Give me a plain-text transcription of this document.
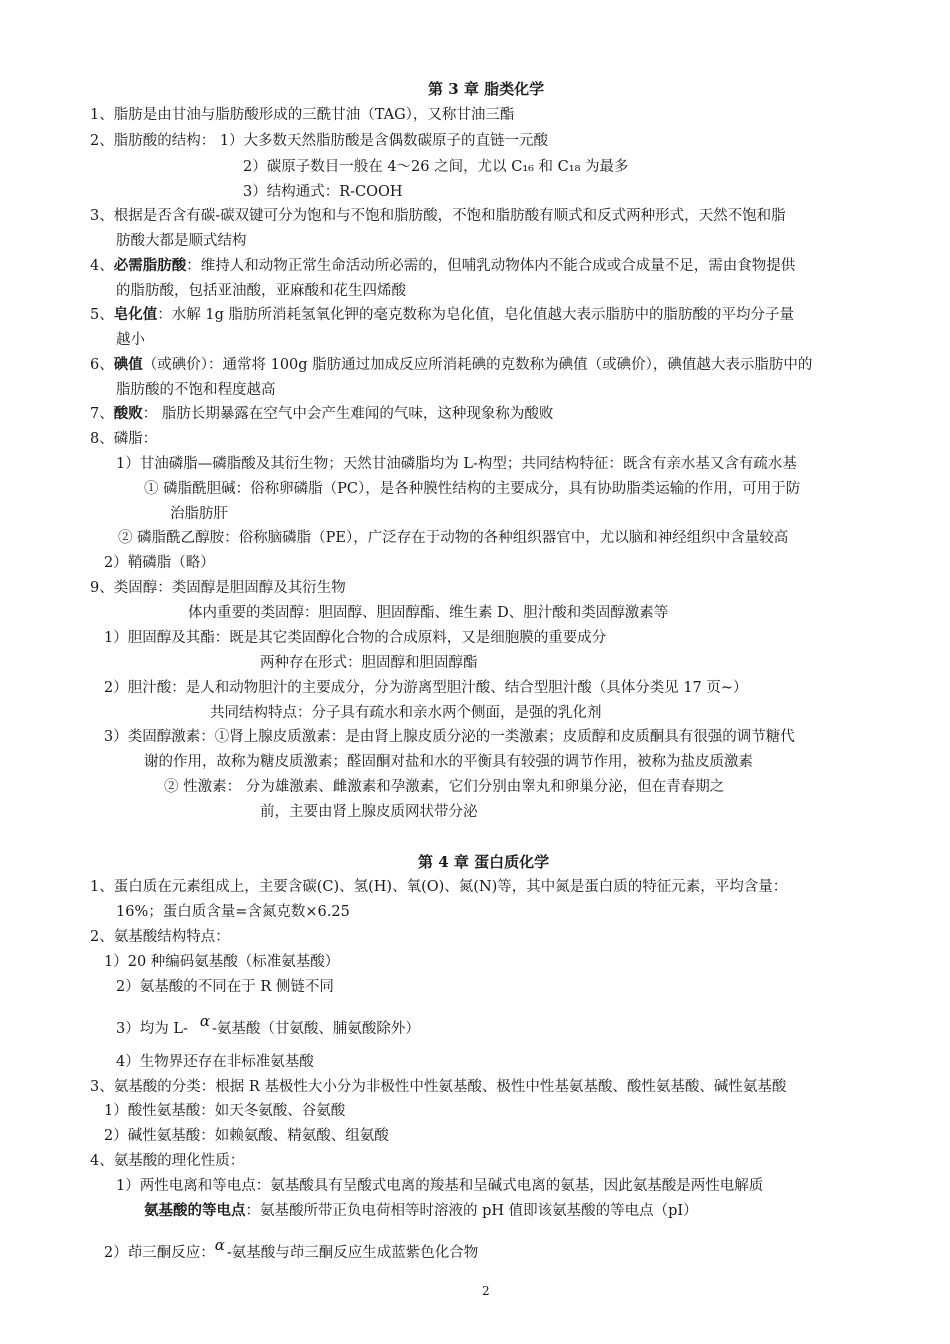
第 3 章 脂类化学
1、脂肪是由甘油与脂肪酸形成的三酰甘油（TAG），又称甘油三酯
2、脂肪酸的结构： 1）大多数天然脂肪酸是含偶数碳原子的直链一元酸
2）碳原子数目一般在 4～26 之间，尤以 C₁₆ 和 C₁₈ 为最多
3）结构通式：R-COOH
3、根据是否含有碳-碳双键可分为饱和与不饱和脂肪酸，不饱和脂肪酸有顺式和反式两种形式，天然不饱和脂
肪酸大都是顺式结构
4、必需脂肪酸：维持人和动物正常生命活动所必需的，但哺乳动物体内不能合成或合成量不足，需由食物提供
的脂肪酸，包括亚油酸，亚麻酸和花生四烯酸
5、皂化值：水解 1g 脂肪所消耗氢氧化钾的毫克数称为皂化值，皂化值越大表示脂肪中的脂肪酸的平均分子量
越小
6、碘值（或碘价）：通常将 100g 脂肪通过加成反应所消耗碘的克数称为碘值（或碘价），碘值越大表示脂肪中的
脂肪酸的不饱和程度越高
7、酸败： 脂肪长期暴露在空气中会产生难闻的气味，这种现象称为酸败
8、磷脂：
1）甘油磷脂—磷脂酸及其衍生物；天然甘油磷脂均为 L-构型；共同结构特征：既含有亲水基又含有疏水基
① 磷脂酰胆碱：俗称卵磷脂（PC），是各种膜性结构的主要成分，具有协助脂类运输的作用，可用于防
治脂肪肝
② 磷脂酰乙醇胺：俗称脑磷脂（PE），广泛存在于动物的各种组织器官中，尤以脑和神经组织中含量较高
2）鞘磷脂（略）
9、类固醇：类固醇是胆固醇及其衍生物
体内重要的类固醇：胆固醇、胆固醇酯、维生素 D、胆汁酸和类固醇激素等
1）胆固醇及其酯：既是其它类固醇化合物的合成原料，又是细胞膜的重要成分
两种存在形式：胆固醇和胆固醇酯
2）胆汁酸：是人和动物胆汁的主要成分，分为游离型胆汁酸、结合型胆汁酸（具体分类见 17 页~）
共同结构特点：分子具有疏水和亲水两个侧面，是强的乳化剂
3）类固醇激素：①肾上腺皮质激素：是由肾上腺皮质分泌的一类激素；皮质醇和皮质酮具有很强的调节糖代
谢的作用，故称为糖皮质激素；醛固酮对盐和水的平衡具有较强的调节作用，被称为盐皮质激素
② 性激素： 分为雄激素、雌激素和孕激素，它们分别由睾丸和卵巢分泌，但在青春期之
前，主要由肾上腺皮质网状带分泌
第 4 章 蛋白质化学
1、蛋白质在元素组成上，主要含碳(C)、氢(H)、氧(O)、氮(N)等，其中氮是蛋白质的特征元素，平均含量：
16%；蛋白质含量=含氮克数×6.25
2、氨基酸结构特点：
1）20 种编码氨基酸（标准氨基酸）
2）氨基酸的不同在于 R 侧链不同
3）均为 L- α -氨基酸（甘氨酸、脯氨酸除外）
4）生物界还存在非标准氨基酸
3、氨基酸的分类：根据 R 基极性大小分为非极性中性氨基酸、极性中性基氨基酸、酸性氨基酸、碱性氨基酸
1）酸性氨基酸：如天冬氨酸、谷氨酸
2）碱性氨基酸：如赖氨酸、精氨酸、组氨酸
4、氨基酸的理化性质：
1）两性电离和等电点：氨基酸具有呈酸式电离的羧基和呈碱式电离的氨基，因此氨基酸是两性电解质
氨基酸的等电点：氨基酸所带正负电荷相等时溶液的 pH 值即该氨基酸的等电点（pI）
2）茚三酮反应：α -氨基酸与茚三酮反应生成蓝紫色化合物
2
